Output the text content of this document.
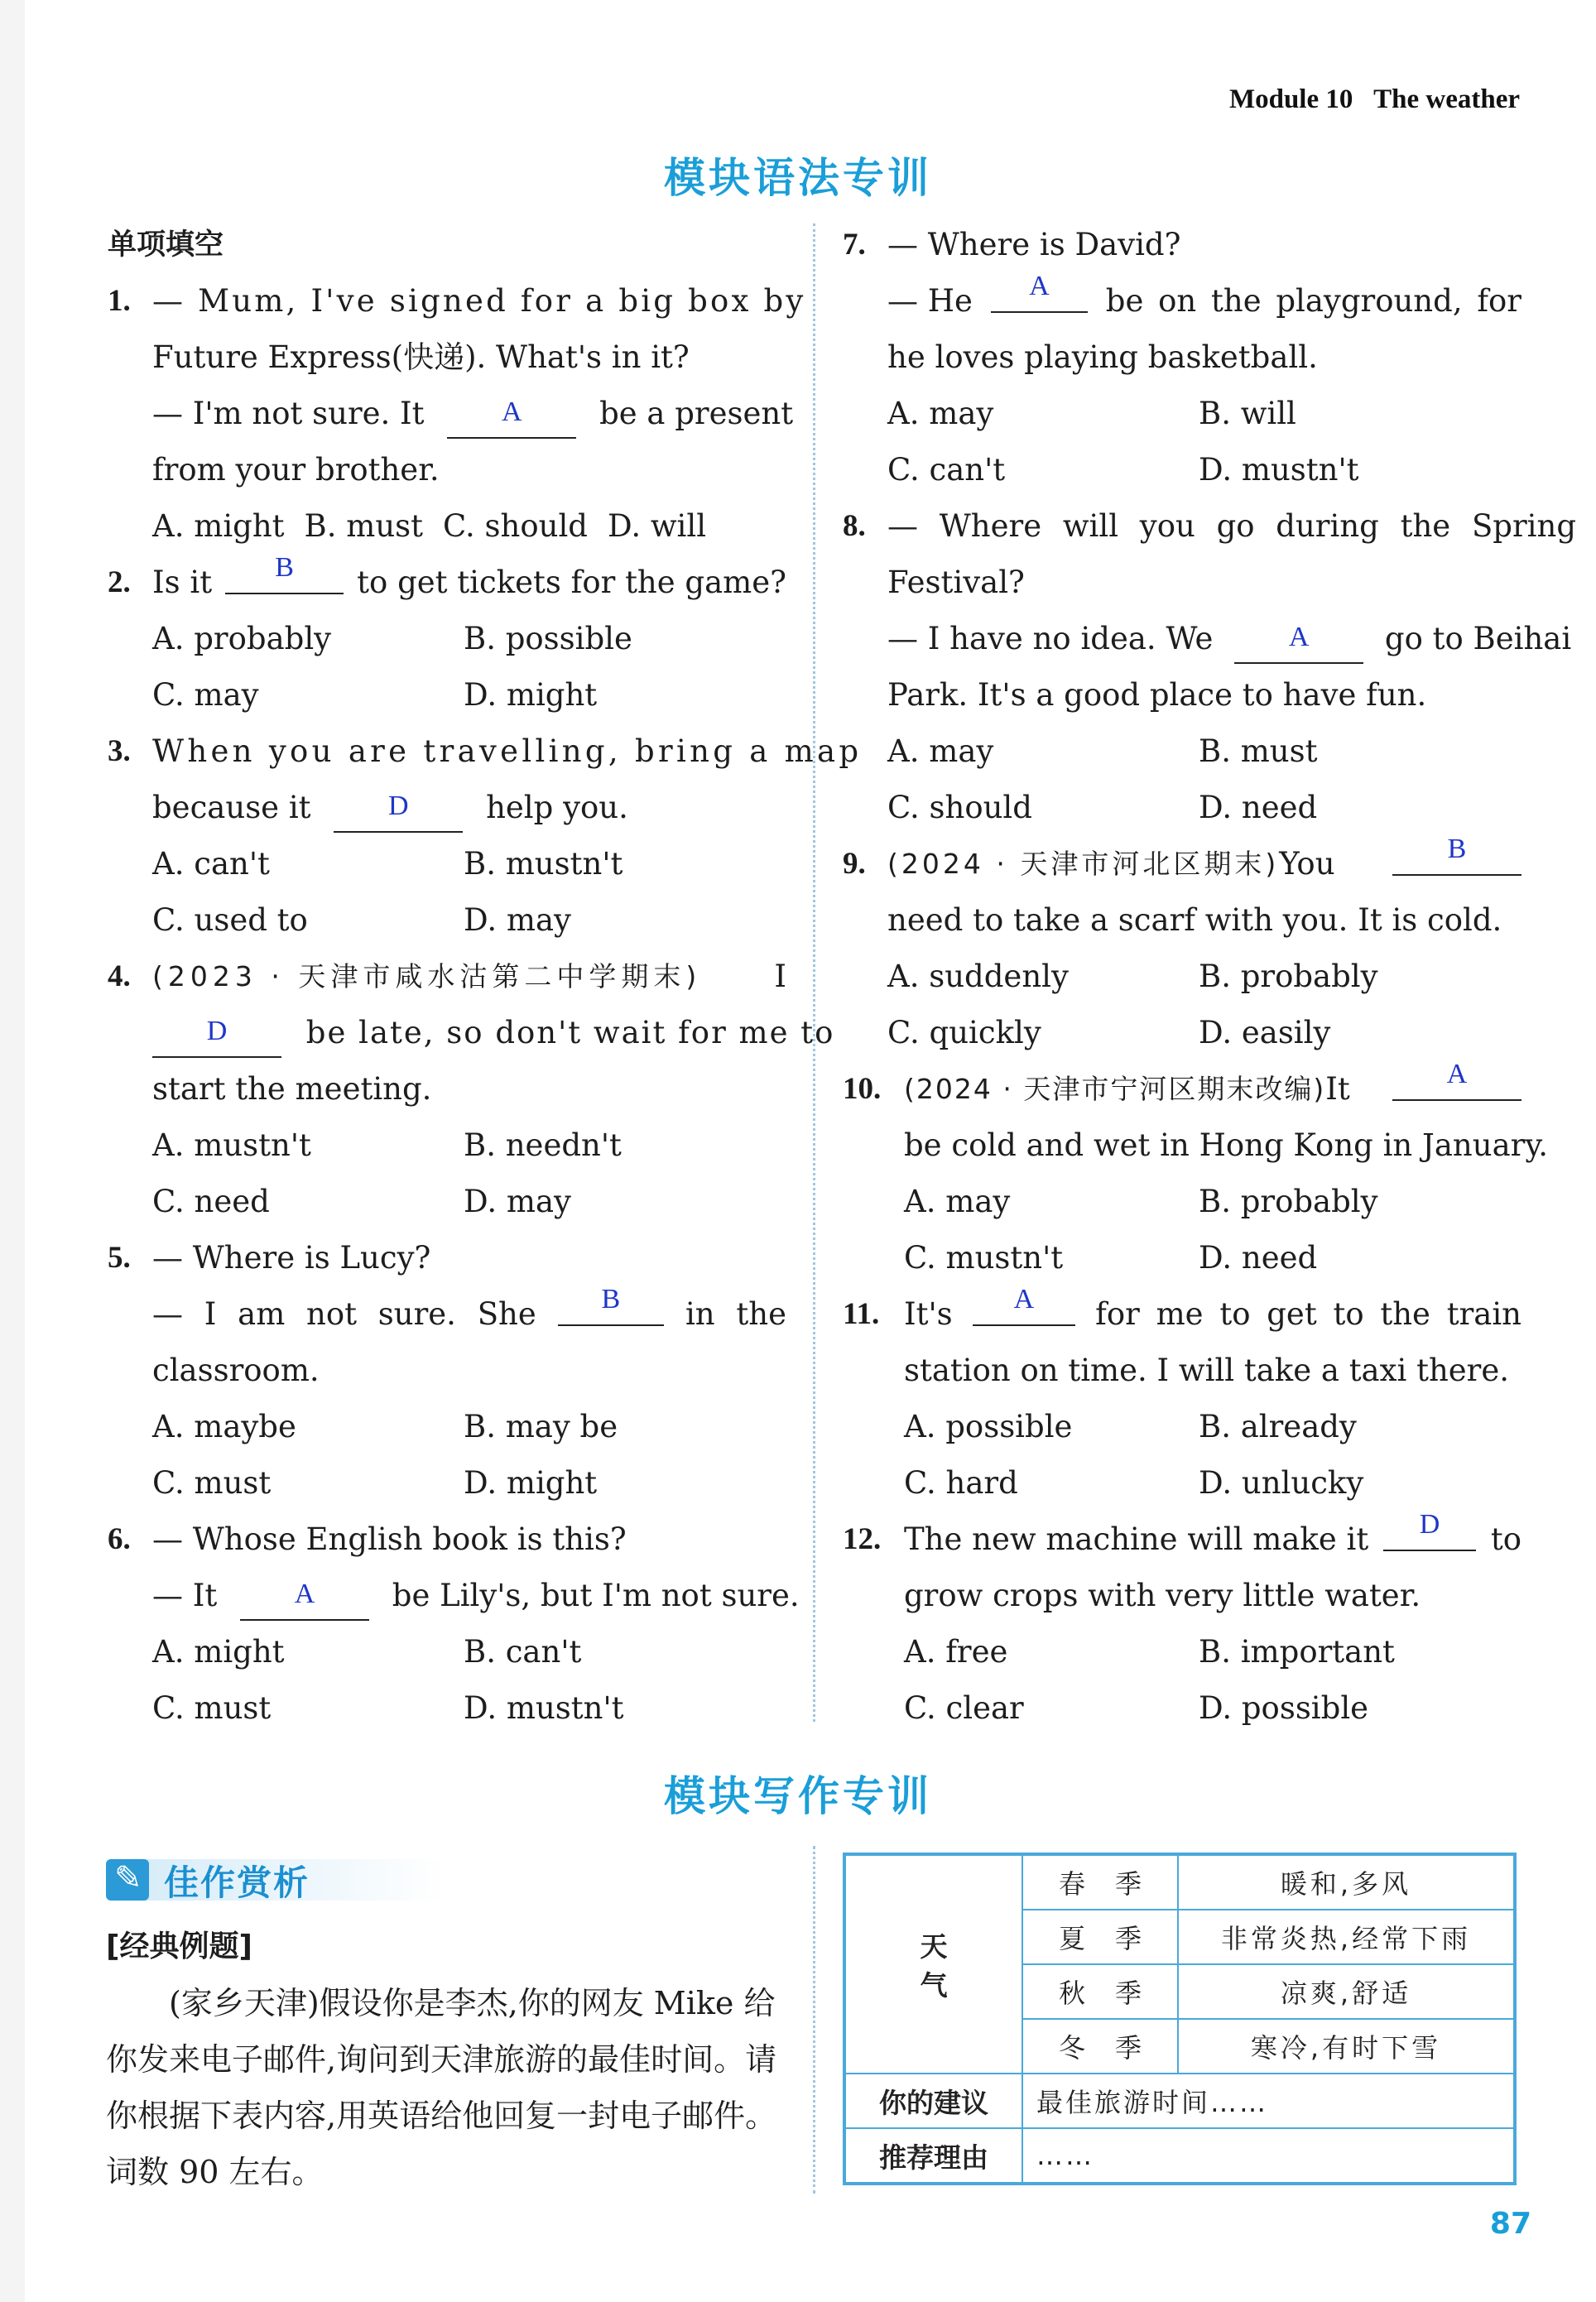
Module 10 The weather
模块语法专训
单项填空
1. — Mum, I've signed for a big box by
Future Express(快递). What's in it?
— I'm not sure. It	A	be a present
from your brother.
A. might B. must C. should D. will
2. Is it	B	to get tickets for the game?
A. probably	B. possible
C. may	D. might
3. When you are travelling, bring a map
because it	D	help you.
A. can't	B. mustn't
C. used to	D. may
4. (2023 · 天津市咸水沽第二中学期末) I
D	be late, so don't wait for me to
start the meeting.
A. mustn't	B. needn't
C. need	D. may
5. — Where is Lucy?
— I am not sure. She	B	in the
classroom.
A. maybe	B. may be
C. must	D. might
6. — Whose English book is this?
— It	A	be Lily's, but I'm not sure.
A. might	B. can't
C. must	D. mustn't
7. — Where is David?
— He	A	be on the playground, for
he loves playing basketball.
A. may	B. will
C. can't	D. mustn't
8. — Where will you go during the Spring
Festival?
— I have no idea. We	A go to Beihai
Park. It's a good place to have fun.
A. may	B. must
C. should	D. need
9. (2024 · 天津市河北区期末) You	B
need to take a scarf with you. It is cold.
A. suddenly	B. probably
C. quickly	D. easily
10. (2024 · 天津市宁河区期末改编) It	A
be cold and wet in Hong Kong in January.
A. may	B. probably
C. mustn't	D. need
11. It's	A	for me to get to the train
station on time. I will take a taxi there.
A. possible	B. already
C. hard	D. unlucky
12. The new machine will make it	D	to
grow crops with very little water.
A. free	B. important
C. clear	D. possible
模块写作专训
✎
佳作赏析
[经典例题]
(家乡天津)假设你是李杰,你的网友 Mike 给你发来电子邮件,询问到天津旅游的最佳时间。请你根据下表内容,用英语给他回复一封电子邮件。词数 90 左右。
天 气	春季	暖和,多风
	夏季	非常炎热,经常下雨
	秋季	凉爽,舒适
	冬季	寒冷,有时下雪
你的建议	最佳旅游时间……	
推荐理由	……	
87
